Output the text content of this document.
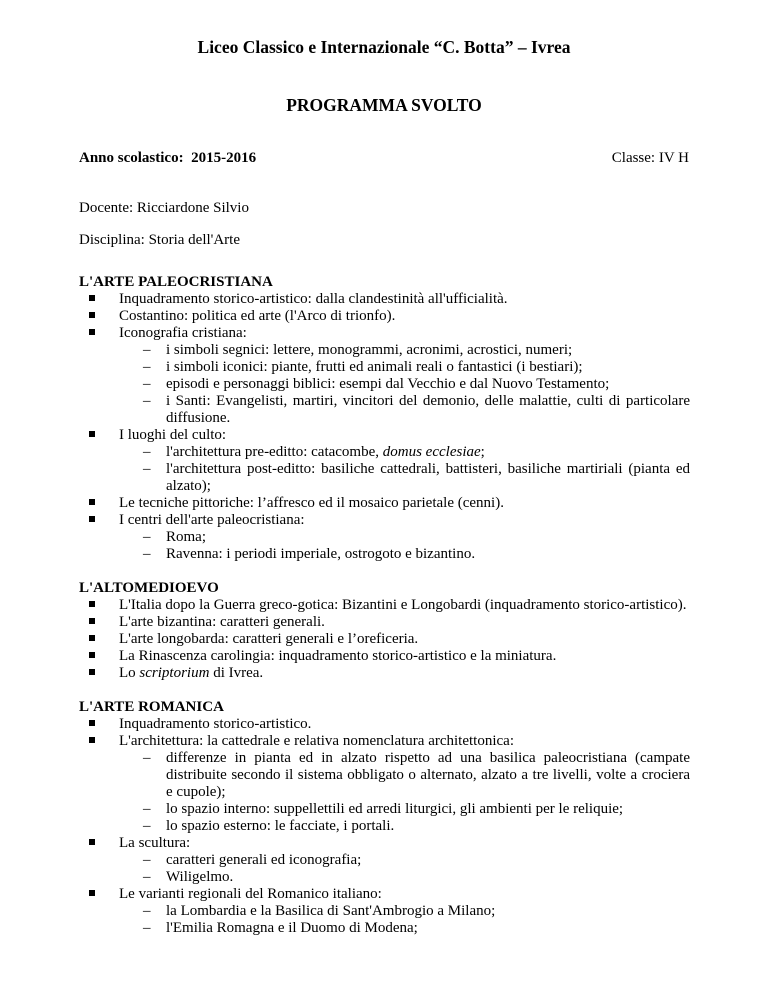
Liceo Classico e Internazionale “C. Botta” – Ivrea
PROGRAMMA SVOLTO
Anno scolastico: 2015-2016	Classe: IV H
Docente: Ricciardone Silvio
Disciplina: Storia dell'Arte
L'ARTE PALEOCRISTIANA
Inquadramento storico-artistico: dalla clandestinità all'ufficialità.
Costantino: politica ed arte (l'Arco di trionfo).
Iconografia cristiana:
– i simboli segnici: lettere, monogrammi, acronimi, acrostici, numeri;
– i simboli iconici: piante, frutti ed animali reali o fantastici (i bestiari);
– episodi e personaggi biblici: esempi dal Vecchio e dal Nuovo Testamento;
– i Santi: Evangelisti, martiri, vincitori del demonio, delle malattie, culti di particolare diffusione.
I luoghi del culto:
– l'architettura pre-editto: catacombe, domus ecclesiae;
– l'architettura post-editto: basiliche cattedrali, battisteri, basiliche martiriali (pianta ed alzato);
Le tecniche pittoriche: l’affresco ed il mosaico parietale (cenni).
I centri dell'arte paleocristiana:
– Roma;
– Ravenna: i periodi imperiale, ostrogoto e bizantino.
L'ALTOMEDIOEVO
L'Italia dopo la Guerra greco-gotica: Bizantini e Longobardi (inquadramento storico-artistico).
L'arte bizantina: caratteri generali.
L'arte longobarda: caratteri generali e l’oreficeria.
La Rinascenza carolingia: inquadramento storico-artistico e la miniatura.
Lo scriptorium di Ivrea.
L'ARTE ROMANICA
Inquadramento storico-artistico.
L'architettura: la cattedrale e relativa nomenclatura architettonica:
– differenze in pianta ed in alzato rispetto ad una basilica paleocristiana (campate distribuite secondo il sistema obbligato o alternato, alzato a tre livelli, volte a crociera e cupole);
– lo spazio interno: suppellettili ed arredi liturgici, gli ambienti per le reliquie;
– lo spazio esterno: le facciate, i portali.
La scultura:
– caratteri generali ed iconografia;
– Wiligelmo.
Le varianti regionali del Romanico italiano:
– la Lombardia e la Basilica di Sant'Ambrogio a Milano;
– l'Emilia Romagna e il Duomo di Modena;
